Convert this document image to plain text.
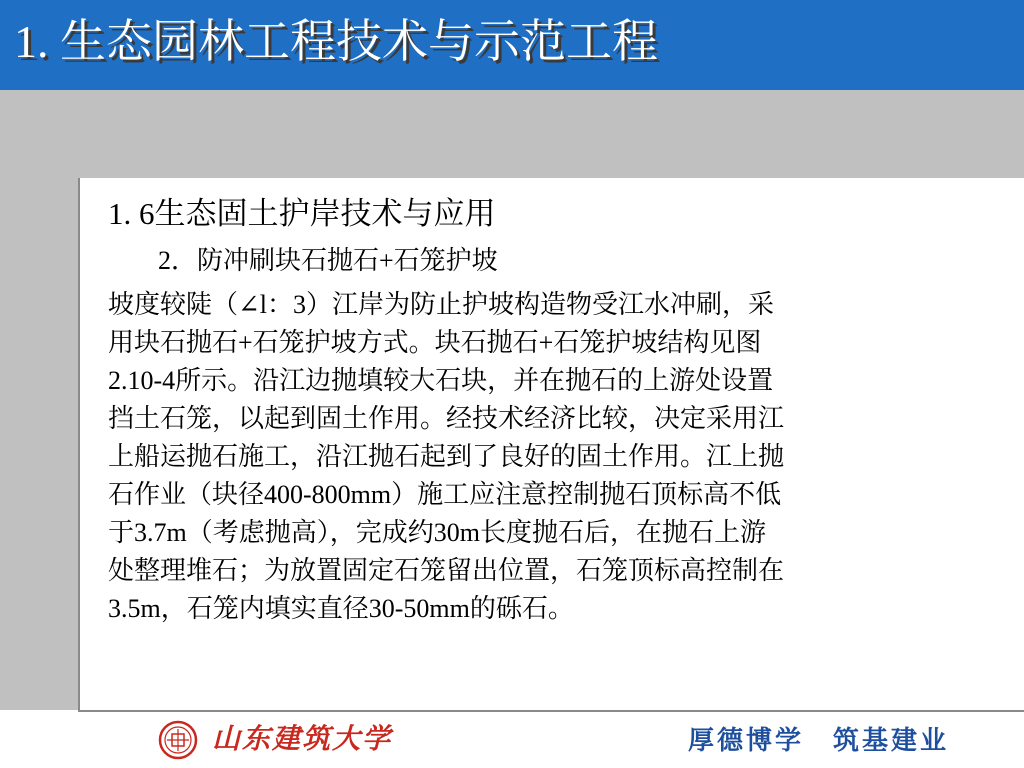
1. 生态园林工程技术与示范工程
1. 6生态固土护岸技术与应用
2．防冲刷块石抛石+石笼护坡
坡度较陡（∠l：3）江岸为防止护坡构造物受江水冲刷，采
用块石抛石+石笼护坡方式。块石抛石+石笼护坡结构见图
2.10-4所示。沿江边抛填较大石块，并在抛石的上游处设置
挡土石笼，以起到固土作用。经技术经济比较，决定采用江
上船运抛石施工，沿江抛石起到了良好的固土作用。江上抛
石作业（块径400-800mm）施工应注意控制抛石顶标高不低
于3.7m（考虑抛高），完成约30m长度抛石后，在抛石上游
处整理堆石；为放置固定石笼留出位置，石笼顶标高控制在
3.5m，石笼内填实直径30-50mm的砾石。
山东建筑大学	厚德博学　筑基建业
